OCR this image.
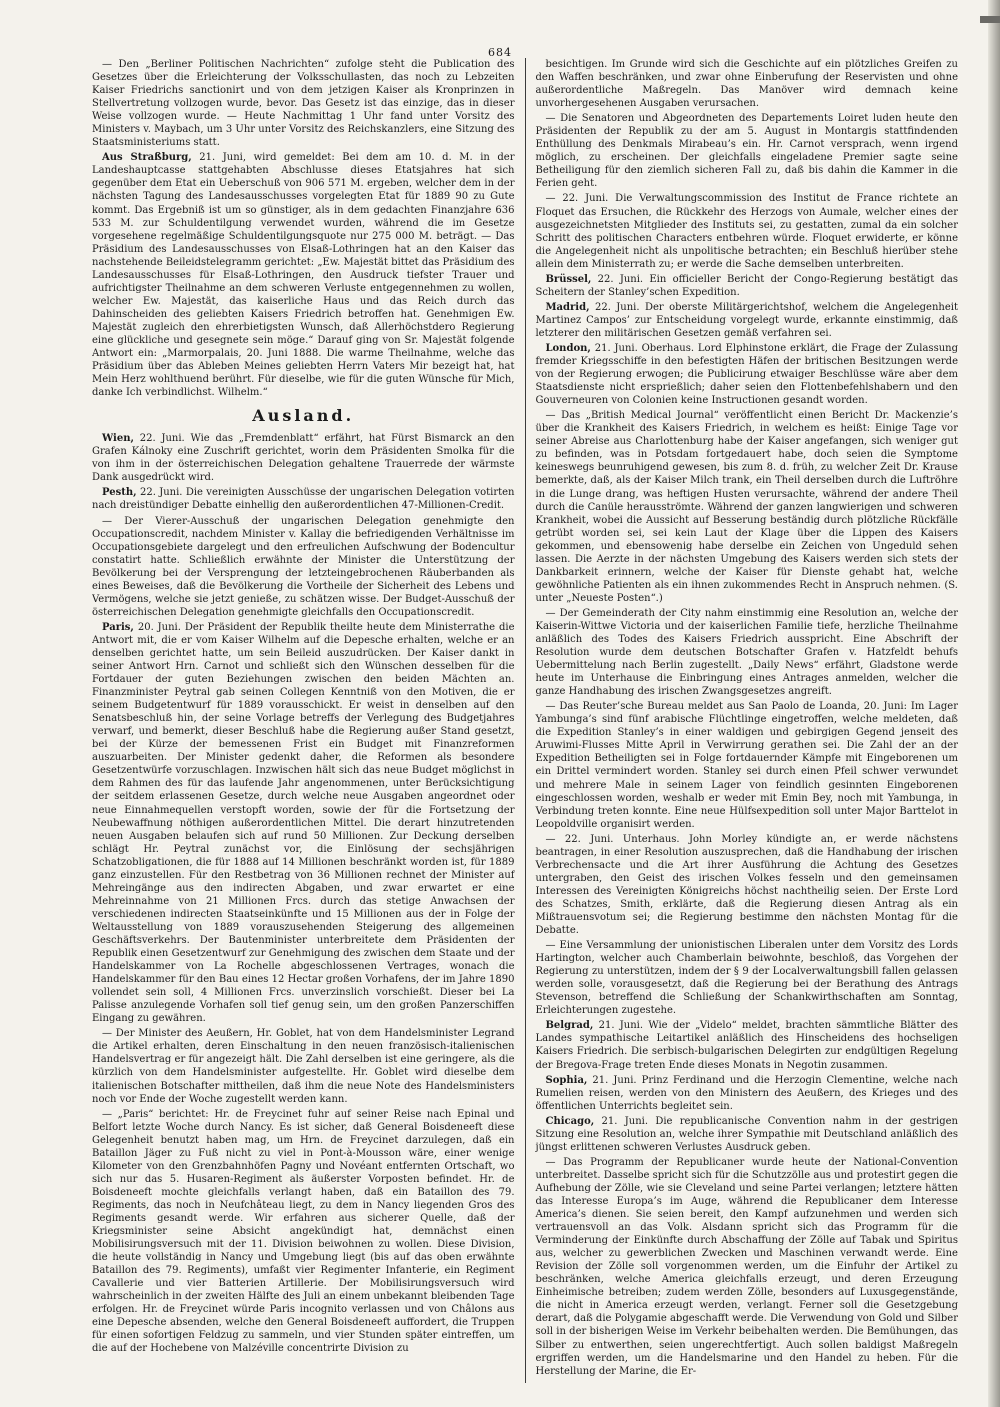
684

— Den „Berliner Politischen Nachrichten“ zufolge steht die Publication des Gesetzes über die Erleichterung der Volksschullasten, das noch zu Lebzeiten Kaiser Friedrichs sanctionirt und von dem jetzigen Kaiser als Kronprinzen in Stellvertretung vollzogen wurde, bevor. Das Gesetz ist das einzige, das in dieser Weise vollzogen wurde. — Heute Nachmittag 1 Uhr fand unter Vorsitz des Ministers v. Maybach, um 3 Uhr unter Vorsitz des Reichskanzlers, eine Sitzung des Staatsministeriums statt.

Aus Straßburg, 21. Juni, wird gemeldet: Bei dem am 10. d. M. in der Landeshauptcasse stattgehabten Abschlusse dieses Etatsjahres hat sich gegenüber dem Etat ein Ueberschuß von 906 571 M. ergeben, welcher dem in der nächsten Tagung des Landesausschusses vorgelegten Etat für 1889 90 zu Gute kommt. Das Ergebniß ist um so günstiger, als in dem gedachten Finanzjahre 636 533 M. zur Schuldentilgung verwendet wurden, während die im Gesetze vorgesehene regelmäßige Schuldentilgungsquote nur 275 000 M. beträgt. — Das Präsidium des Landesausschusses von Elsaß-Lothringen hat an den Kaiser das nachstehende Beileidstelegramm gerichtet: „Ew. Majestät bittet das Präsidium des Landesausschusses für Elsaß-Lothringen, den Ausdruck tiefster Trauer und aufrichtigster Theilnahme an dem schweren Verluste entgegennehmen zu wollen, welcher Ew. Majestät, das kaiserliche Haus und das Reich durch das Dahinscheiden des geliebten Kaisers Friedrich betroffen hat. Genehmigen Ew. Majestät zugleich den ehrerbietigsten Wunsch, daß Allerhöchstdero Regierung eine glückliche und gesegnete sein möge.“ Darauf ging von Sr. Majestät folgende Antwort ein: „Marmorpalais, 20. Juni 1888. Die warme Theilnahme, welche das Präsidium über das Ableben Meines geliebten Herrn Vaters Mir bezeigt hat, hat Mein Herz wohlthuend berührt. Für dieselbe, wie für die guten Wünsche für Mich, danke Ich verbindlichst. Wilhelm.“

Ausland.

Wien, 22. Juni. Wie das „Fremdenblatt“ erfährt, hat Fürst Bismarck an den Grafen Kálnoky eine Zuschrift gerichtet, worin dem Präsidenten Smolka für die von ihm in der österreichischen Delegation gehaltene Trauerrede der wärmste Dank ausgedrückt wird.

Pesth, 22. Juni. Die vereinigten Ausschüsse der ungarischen Delegation votirten nach dreistündiger Debatte einhellig den außerordentlichen 47-Millionen-Credit.

— Der Vierer-Ausschuß der ungarischen Delegation genehmigte den Occupationscredit, nachdem Minister v. Kallay die befriedigenden Verhältnisse im Occupationsgebiete dargelegt und den erfreulichen Aufschwung der Bodencultur constatirt hatte. Schließlich erwähnte der Minister die Unterstützung der Bevölkerung bei der Versprengung der letzteingebrochenen Räuberbanden als eines Beweises, daß die Bevölkerung die Vortheile der Sicherheit des Lebens und Vermögens, welche sie jetzt genieße, zu schätzen wisse. Der Budget-Ausschuß der österreichischen Delegation genehmigte gleichfalls den Occupationscredit.

Paris, 20. Juni. Der Präsident der Republik theilte heute dem Ministerrathe die Antwort mit, die er vom Kaiser Wilhelm auf die Depesche erhalten, welche er an denselben gerichtet hatte, um sein Beileid auszudrücken. Der Kaiser dankt in seiner Antwort Hrn. Carnot und schließt sich den Wünschen desselben für die Fortdauer der guten Beziehungen zwischen den beiden Mächten an. Finanzminister Peytral gab seinen Collegen Kenntniß von den Motiven, die er seinem Budgetentwurf für 1889 vorausschickt. Er weist in denselben auf den Senatsbeschluß hin, der seine Vorlage betreffs der Verlegung des Budgetjahres verwarf, und bemerkt, dieser Beschluß habe die Regierung außer Stand gesetzt, bei der Kürze der bemessenen Frist ein Budget mit Finanzreformen auszuarbeiten. Der Minister gedenkt daher, die Reformen als besondere Gesetzentwürfe vorzuschlagen. Inzwischen hält sich das neue Budget möglichst in dem Rahmen des für das laufende Jahr angenommenen, unter Berücksichtigung der seitdem erlassenen Gesetze, durch welche neue Ausgaben angeordnet oder neue Einnahmequellen verstopft worden, sowie der für die Fortsetzung der Neubewaffnung nöthigen außerordentlichen Mittel. Die derart hinzutretenden neuen Ausgaben belaufen sich auf rund 50 Millionen. Zur Deckung derselben schlägt Hr. Peytral zunächst vor, die Einlösung der sechsjährigen Schatzobligationen, die für 1888 auf 14 Millionen beschränkt worden ist, für 1889 ganz einzustellen. Für den Restbetrag von 36 Millionen rechnet der Minister auf Mehreingänge aus den indirecten Abgaben, und zwar erwartet er eine Mehreinnahme von 21 Millionen Frcs. durch das stetige Anwachsen der verschiedenen indirecten Staatseinkünfte und 15 Millionen aus der in Folge der Weltausstellung von 1889 vorauszusehenden Steigerung des allgemeinen Geschäftsverkehrs. Der Bautenminister unterbreitete dem Präsidenten der Republik einen Gesetzentwurf zur Genehmigung des zwischen dem Staate und der Handelskammer von La Rochelle abgeschlossenen Vertrages, wonach die Handelskammer für den Bau eines 12 Hectar großen Vorhafens, der im Jahre 1890 vollendet sein soll, 4 Millionen Frcs. unverzinslich vorschießt. Dieser bei La Palisse anzulegende Vorhafen soll tief genug sein, um den großen Panzerschiffen Eingang zu gewähren.

— Der Minister des Aeußern, Hr. Goblet, hat von dem Handelsminister Legrand die Artikel erhalten, deren Einschaltung in den neuen französisch-italienischen Handelsvertrag er für angezeigt hält. Die Zahl derselben ist eine geringere, als die kürzlich von dem Handelsminister aufgestellte. Hr. Goblet wird dieselbe dem italienischen Botschafter mittheilen, daß ihm die neue Note des Handelsministers noch vor Ende der Woche zugestellt werden kann.

— „Paris“ berichtet: Hr. de Freycinet fuhr auf seiner Reise nach Epinal und Belfort letzte Woche durch Nancy. Es ist sicher, daß General Boisdeneeft diese Gelegenheit benutzt haben mag, um Hrn. de Freycinet darzulegen, daß ein Bataillon Jäger zu Fuß nicht zu viel in Pont-à-Mousson wäre, einer wenige Kilometer von den Grenzbahnhöfen Pagny und Novéant entfernten Ortschaft, wo sich nur das 5. Husaren-Regiment als äußerster Vorposten befindet. Hr. de Boisdeneeft mochte gleichfalls verlangt haben, daß ein Bataillon des 79. Regiments, das noch in Neufchâteau liegt, zu dem in Nancy liegenden Gros des Regiments gesandt werde. Wir erfahren aus sicherer Quelle, daß der Kriegsminister seine Absicht angekündigt hat, demnächst einen Mobilisirungsversuch mit der 11. Division beiwohnen zu wollen. Diese Division, die heute vollständig in Nancy und Umgebung liegt (bis auf das oben erwähnte Bataillon des 79. Regiments), umfaßt vier Regimenter Infanterie, ein Regiment Cavallerie und vier Batterien Artillerie. Der Mobilisirungsversuch wird wahrscheinlich in der zweiten Hälfte des Juli an einem unbekannt bleibenden Tage erfolgen. Hr. de Freycinet würde Paris incognito verlassen und von Châlons aus eine Depesche absenden, welche den General Boisdeneeft auffordert, die Truppen für einen sofortigen Feldzug zu sammeln, und vier Stunden später eintreffen, um die auf der Hochebene von Malzéville concentrirte Division zu

besichtigen. Im Grunde wird sich die Geschichte auf ein plötzliches Greifen zu den Waffen beschränken, und zwar ohne Einberufung der Reservisten und ohne außerordentliche Maßregeln. Das Manöver wird demnach keine unvorhergesehenen Ausgaben verursachen.

— Die Senatoren und Abgeordneten des Departements Loiret luden heute den Präsidenten der Republik zu der am 5. August in Montargis stattfindenden Enthüllung des Denkmals Mirabeau’s ein. Hr. Carnot versprach, wenn irgend möglich, zu erscheinen. Der gleichfalls eingeladene Premier sagte seine Betheiligung für den ziemlich sicheren Fall zu, daß bis dahin die Kammer in die Ferien geht.

— 22. Juni. Die Verwaltungscommission des Institut de France richtete an Floquet das Ersuchen, die Rückkehr des Herzogs von Aumale, welcher eines der ausgezeichnetsten Mitglieder des Instituts sei, zu gestatten, zumal da ein solcher Schritt des politischen Characters entbehren würde. Floquet erwiderte, er könne die Angelegenheit nicht als unpolitische betrachten; ein Beschluß hierüber stehe allein dem Ministerrath zu; er werde die Sache demselben unterbreiten.

Brüssel, 22. Juni. Ein officieller Bericht der Congo-Regierung bestätigt das Scheitern der Stanley’schen Expedition.

Madrid, 22. Juni. Der oberste Militärgerichtshof, welchem die Angelegenheit Martinez Campos’ zur Entscheidung vorgelegt wurde, erkannte einstimmig, daß letzterer den militärischen Gesetzen gemäß verfahren sei.

London, 21. Juni. Oberhaus. Lord Elphinstone erklärt, die Frage der Zulassung fremder Kriegsschiffe in den befestigten Häfen der britischen Besitzungen werde von der Regierung erwogen; die Publicirung etwaiger Beschlüsse wäre aber dem Staatsdienste nicht ersprießlich; daher seien den Flottenbefehlshabern und den Gouverneuren von Colonien keine Instructionen gesandt worden.

— Das „British Medical Journal“ veröffentlicht einen Bericht Dr. Mackenzie’s über die Krankheit des Kaisers Friedrich, in welchem es heißt: Einige Tage vor seiner Abreise aus Charlottenburg habe der Kaiser angefangen, sich weniger gut zu befinden, was in Potsdam fortgedauert habe, doch seien die Symptome keineswegs beunruhigend gewesen, bis zum 8. d. früh, zu welcher Zeit Dr. Krause bemerkte, daß, als der Kaiser Milch trank, ein Theil derselben durch die Luftröhre in die Lunge drang, was heftigen Husten verursachte, während der andere Theil durch die Canüle herausströmte. Während der ganzen langwierigen und schweren Krankheit, wobei die Aussicht auf Besserung beständig durch plötzliche Rückfälle getrübt worden sei, sei kein Laut der Klage über die Lippen des Kaisers gekommen, und ebensowenig habe derselbe ein Zeichen von Ungeduld sehen lassen. Die Aerzte in der nächsten Umgebung des Kaisers werden sich stets der Dankbarkeit erinnern, welche der Kaiser für Dienste gehabt hat, welche gewöhnliche Patienten als ein ihnen zukommendes Recht in Anspruch nehmen. (S. unter „Neueste Posten“.)

— Der Gemeinderath der City nahm einstimmig eine Resolution an, welche der Kaiserin-Wittwe Victoria und der kaiserlichen Familie tiefe, herzliche Theilnahme anläßlich des Todes des Kaisers Friedrich ausspricht. Eine Abschrift der Resolution wurde dem deutschen Botschafter Grafen v. Hatzfeldt behufs Uebermittelung nach Berlin zugestellt. „Daily News“ erfährt, Gladstone werde heute im Unterhause die Einbringung eines Antrages anmelden, welcher die ganze Handhabung des irischen Zwangsgesetzes angreift.

— Das Reuter’sche Bureau meldet aus San Paolo de Loanda, 20. Juni: Im Lager Yambunga’s sind fünf arabische Flüchtlinge eingetroffen, welche meldeten, daß die Expedition Stanley’s in einer waldigen und gebirgigen Gegend jenseit des Aruwimi-Flusses Mitte April in Verwirrung gerathen sei. Die Zahl der an der Expedition Betheiligten sei in Folge fortdauernder Kämpfe mit Eingeborenen um ein Drittel vermindert worden. Stanley sei durch einen Pfeil schwer verwundet und mehrere Male in seinem Lager von feindlich gesinnten Eingeborenen eingeschlossen worden, weshalb er weder mit Emin Bey, noch mit Yambunga, in Verbindung treten konnte. Eine neue Hülfsexpedition soll unter Major Barttelot in Leopoldville organisirt werden.

— 22. Juni. Unterhaus. John Morley kündigte an, er werde nächstens beantragen, in einer Resolution auszusprechen, daß die Handhabung der irischen Verbrechensacte und die Art ihrer Ausführung die Achtung des Gesetzes untergraben, den Geist des irischen Volkes fesseln und den gemeinsamen Interessen des Vereinigten Königreichs höchst nachtheilig seien. Der Erste Lord des Schatzes, Smith, erklärte, daß die Regierung diesen Antrag als ein Mißtrauensvotum sei; die Regierung bestimme den nächsten Montag für die Debatte.

— Eine Versammlung der unionistischen Liberalen unter dem Vorsitz des Lords Hartington, welcher auch Chamberlain beiwohnte, beschloß, das Vorgehen der Regierung zu unterstützen, indem der § 9 der Localverwaltungsbill fallen gelassen werden solle, vorausgesetzt, daß die Regierung bei der Berathung des Antrags Stevenson, betreffend die Schließung der Schankwirthschaften am Sonntag, Erleichterungen zugestehe.

Belgrad, 21. Juni. Wie der „Videlo“ meldet, brachten sämmtliche Blätter des Landes sympathische Leitartikel anläßlich des Hinscheidens des hochseligen Kaisers Friedrich. Die serbisch-bulgarischen Delegirten zur endgültigen Regelung der Bregova-Frage treten Ende dieses Monats in Negotin zusammen.

Sophia, 21. Juni. Prinz Ferdinand und die Herzogin Clementine, welche nach Rumelien reisen, werden von den Ministern des Aeußern, des Krieges und des öffentlichen Unterrichts begleitet sein.

Chicago, 21. Juni. Die republicanische Convention nahm in der gestrigen Sitzung eine Resolution an, welche ihrer Sympathie mit Deutschland anläßlich des jüngst erlittenen schweren Verlustes Ausdruck geben.

— Das Programm der Republicaner wurde heute der National-Convention unterbreitet. Dasselbe spricht sich für die Schutzzölle aus und protestirt gegen die Aufhebung der Zölle, wie sie Cleveland und seine Partei verlangen; letztere hätten das Interesse Europa’s im Auge, während die Republicaner dem Interesse America’s dienen. Sie seien bereit, den Kampf aufzunehmen und werden sich vertrauensvoll an das Volk. Alsdann spricht sich das Programm für die Verminderung der Einkünfte durch Abschaffung der Zölle auf Tabak und Spiritus aus, welcher zu gewerblichen Zwecken und Maschinen verwandt werde. Eine Revision der Zölle soll vorgenommen werden, um die Einfuhr der Artikel zu beschränken, welche America gleichfalls erzeugt, und deren Erzeugung Einheimische betreiben; zudem werden Zölle, besonders auf Luxusgegenstände, die nicht in America erzeugt werden, verlangt. Ferner soll die Gesetzgebung derart, daß die Polygamie abgeschafft werde. Die Verwendung von Gold und Silber soll in der bisherigen Weise im Verkehr beibehalten werden. Die Bemühungen, das Silber zu entwerthen, seien ungerechtfertigt. Auch sollen baldigst Maßregeln ergriffen werden, um die Handelsmarine und den Handel zu heben. Für die Herstellung der Marine, die Er-
